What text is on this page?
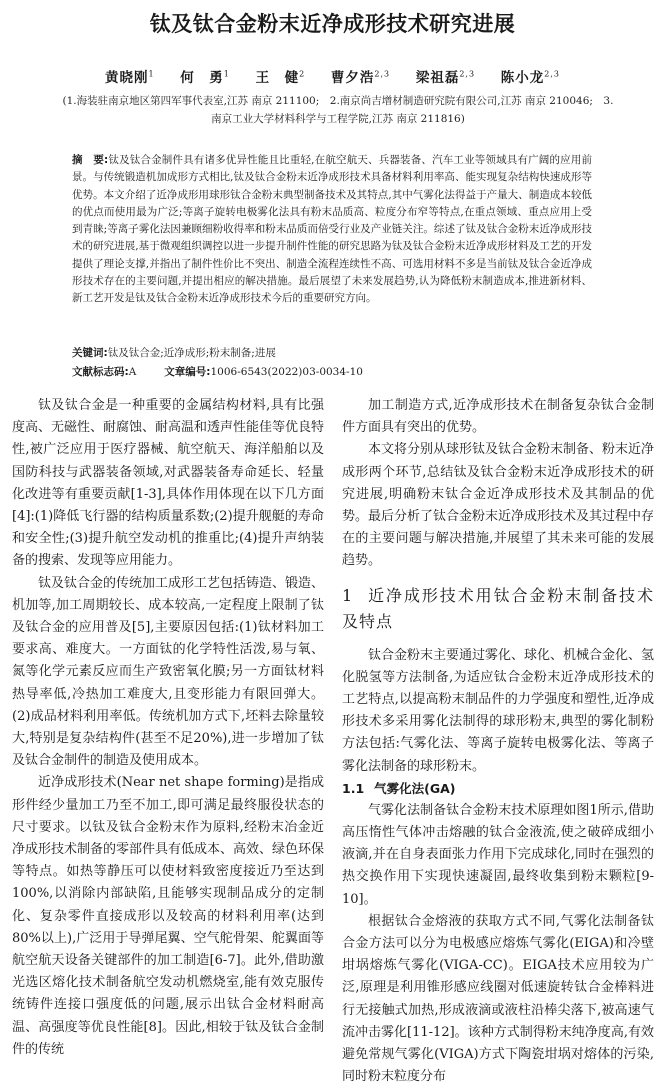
钛及钛合金粉末近净成形技术研究进展
黄晓刚$^1$ 何　勇$^1$ 王　健$^2$ 曹夕浩$^{2,3}$ 梁祖磊$^{2,3}$ 陈小龙$^{2,3}$
(1.海装驻南京地区第四军事代表室,江苏 南京 211100;　2.南京尚吉增材制造研究院有限公司,江苏 南京 210046;　3.南京工业大学材料科学与工程学院,江苏 南京 211816)
摘　要:钛及钛合金制件具有诸多优异性能且比重轻,在航空航天、兵器装备、汽车工业等领域具有广阔的应用前景。与传统锻造机加成形方式相比,钛及钛合金粉末近净成形技术具备材料利用率高、能实现复杂结构快速成形等优势。本文介绍了近净成形用球形钛合金粉末典型制备技术及其特点,其中气雾化法得益于产量大、制造成本较低的优点而使用最为广泛;等离子旋转电极雾化法具有粉末品质高、粒度分布窄等特点,在重点领域、重点应用上受到青睐;等离子雾化法因兼顾细粉收得率和粉末品质而倍受行业及产业链关注。综述了钛及钛合金粉末近净成形技术的研究进展,基于微观组织调控以进一步提升制件性能的研究思路为钛及钛合金粉末近净成形材料及工艺的开发提供了理论支撑,并指出了制件性价比不突出、制造全流程连续性不高、可选用材料不多是当前钛及钛合金近净成形技术存在的主要问题,并提出相应的解决措施。最后展望了未来发展趋势,认为降低粉末制造成本,推进新材料、新工艺开发是钛及钛合金粉末近净成形技术今后的重要研究方向。
关键词:钛及钛合金;近净成形;粉末制备;进展
文献标志码:A	文章编号:1006-6543(2022)03-0034-10

钛及钛合金是一种重要的金属结构材料,具有比强度高、无磁性、耐腐蚀、耐高温和透声性能佳等优良特性,被广泛应用于医疗器械、航空航天、海洋船舶以及国防科技与武器装备领域,对武器装备寿命延长、轻量化改进等有重要贡献[1-3],具体作用体现在以下几方面[4]:(1)降低飞行器的结构质量系数;(2)提升舰艇的寿命和安全性;(3)提升航空发动机的推重比;(4)提升声纳装备的搜索、发现等应用能力。

钛及钛合金的传统加工成形工艺包括铸造、锻造、机加等,加工周期较长、成本较高,一定程度上限制了钛及钛合金的应用普及[5],主要原因包括:(1)钛材料加工要求高、难度大。一方面钛的化学特性活泼,易与氧、氮等化学元素反应而生产致密氧化膜;另一方面钛材料热导率低,冷热加工难度大,且变形能力有限回弹大。(2)成品材料利用率低。传统机加方式下,坯料去除量较大,特别是复杂结构件(甚至不足20%),进一步增加了钛及钛合金制件的制造及使用成本。

近净成形技术(Near net shape forming)是指成形件经少量加工乃至不加工,即可满足最终服役状态的尺寸要求。以钛及钛合金粉末作为原料,经粉末冶金近净成形技术制备的零部件具有低成本、高效、绿色环保等特点。如热等静压可以使材料致密度接近乃至达到100%,以消除内部缺陷,且能够实现制品成分的定制化、复杂零件直接成形以及较高的材料利用率(达到80%以上),广泛用于导弹尾翼、空气舵骨架、舵翼面等航空航天设备关键部件的加工制造[6-7]。此外,借助激光选区熔化技术制备航空发动机燃烧室,能有效克服传统铸件连接口强度低的问题,展示出钛合金材料耐高温、高强度等优良性能[8]。因此,相较于钛及钛合金制件的传统

加工制造方式,近净成形技术在制备复杂钛合金制件方面具有突出的优势。

本文将分别从球形钛及钛合金粉末制备、粉末近净成形两个环节,总结钛及钛合金粉末近净成形技术的研究进展,明确粉末钛合金近净成形技术及其制品的优势。最后分析了钛合金粉末近净成形技术及其过程中存在的主要问题与解决措施,并展望了其未来可能的发展趋势。

1 近净成形技术用钛合金粉末制备技术及特点

钛合金粉末主要通过雾化、球化、机械合金化、氢化脱氢等方法制备,为适应钛合金粉末近净成形技术的工艺特点,以提高粉末制品件的力学强度和塑性,近净成形技术多采用雾化法制得的球形粉末,典型的雾化制粉方法包括:气雾化法、等离子旋转电极雾化法、等离子雾化法制备的球形粉末。

1.1 气雾化法(GA)

气雾化法制备钛合金粉末技术原理如图1所示,借助高压惰性气体冲击熔融的钛合金液流,使之破碎成细小液滴,并在自身表面张力作用下完成球化,同时在强烈的热交换作用下实现快速凝固,最终收集到粉末颗粒[9-10]。

根据钛合金熔液的获取方式不同,气雾化法制备钛合金方法可以分为电极感应熔炼气雾化(EIGA)和冷壁坩埚熔炼气雾化(VIGA-CC)。EIGA技术应用较为广泛,原理是利用锥形感应线圈对低速旋转钛合金棒料进行无接触式加热,形成液滴或液柱沿棒尖落下,被高速气流冲击雾化[11-12]。该种方式制得粉末纯净度高,有效避免常规气雾化(VIGA)方式下陶瓷坩埚对熔体的污染,同时粉末粒度分布
